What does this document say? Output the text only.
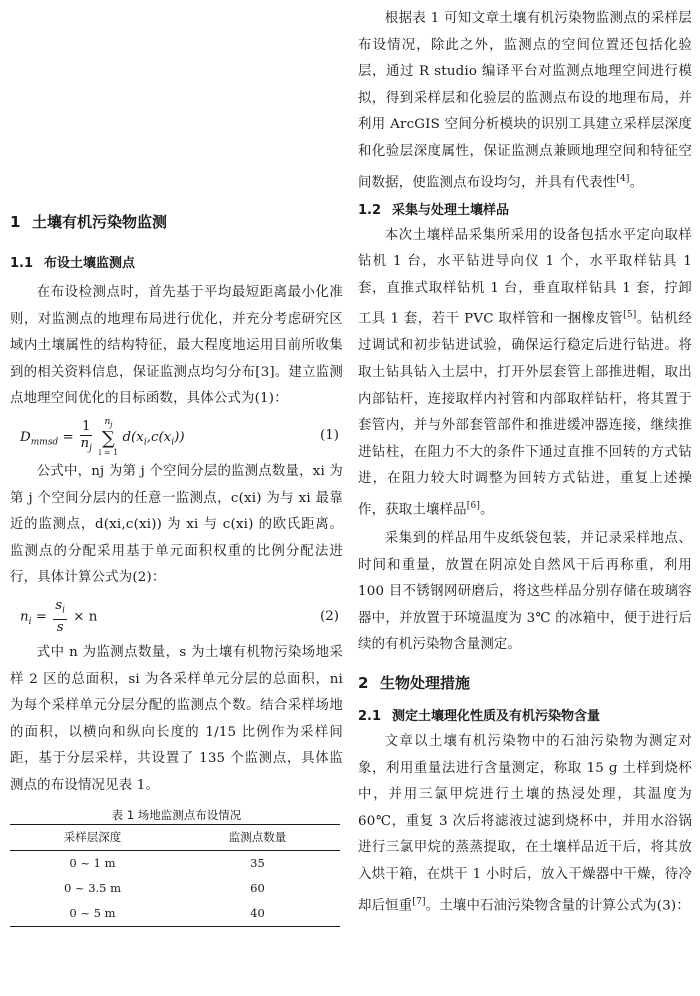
1 土壤有机污染物监测
1.1 布设土壤监测点

在布设检测点时，首先基于平均最短距离最小化准则，对监测点的地理布局进行优化，并充分考虑研究区域内土壤属性的结构特征，最大程度地运用目前所收集到的相关资料信息，保证监测点均匀分布[3]。建立监测点地理空间优化的目标函数，具体公式为(1)：

$D_{mmsd} = \frac{1}{n_j}$
	$n_j$
∑
i = 1
$d(x_i,c(x_i))$	(1)

公式中，nj 为第 j 个空间分层的监测点数量，xi 为第 j 个空间分层内的任意一监测点，c(xi) 为与 xi 最靠近的监测点，d(xi,c(xi)) 为 xi 与 c(xi) 的欧氏距离。监测点的分配采用基于单元面积权重的比例分配法进行，具体计算公式为(2)：

$n_i = \frac{s_i}{s} \times n$	(2)

式中 n 为监测点数量，s 为土壤有机物污染场地采样 2 区的总面积，si 为各采样单元分层的总面积，ni 为每个采样单元分层分配的监测点个数。结合采样场地的面积，以横向和纵向长度的 1/15 比例作为采样间距，基于分层采样，共设置了 135 个监测点，具体监测点的布设情况见表 1。

表 1 场地监测点布设情况
采样层深度	监测点数量
0 ~ 1 m	35
0 ~ 3.5 m	60
0 ~ 5 m	40

根据表 1 可知文章土壤有机污染物监测点的采样层布设情况，除此之外，监测点的空间位置还包括化验层，通过 R studio 编译平台对监测点地理空间进行模拟，得到采样层和化验层的监测点布设的地理布局，并利用 ArcGIS 空间分析模块的识别工具建立采样层深度和化验层深度属性，保证监测点兼顾地理空间和特征空间数据，使监测点布设均匀，并具有代表性[4]。

1.2 采集与处理土壤样品

本次土壤样品采集所采用的设备包括水平定向取样钻机 1 台，水平钻进导向仪 1 个，水平取样钻具 1 套，直推式取样钻机 1 台，垂直取样钻具 1 套，拧卸工具 1 套，若干 PVC 取样管和一捆橡皮管[5]。钻机经过调试和初步钻进试验，确保运行稳定后进行钻进。将取土钻具钻入土层中，打开外层套管上部推进帽，取出内部钻杆，连接取样内衬管和内部取样钻杆，将其置于套管内，并与外部套管部件和推进缓冲器连接，继续推进钻柱，在阻力不大的条件下通过直推不回转的方式钻进，在阻力较大时调整为回转方式钻进，重复上述操作，获取土壤样品[6]。

采集到的样品用牛皮纸袋包装，并记录采样地点、时间和重量，放置在阴凉处自然风干后再称重，利用 100 目不锈钢网研磨后，将这些样品分别存储在玻璃容器中，并放置于环境温度为 3℃ 的冰箱中，便于进行后续的有机污染物含量测定。

2 生物处理措施
2.1 测定土壤理化性质及有机污染物含量

文章以土壤有机污染物中的石油污染物为测定对象，利用重量法进行含量测定，称取 15 g 土样到烧杯中，并用三氯甲烷进行土壤的热浸处理，其温度为 60℃，重复 3 次后将滤液过滤到烧杯中，并用水浴锅进行三氯甲烷的蒸蒸提取，在土壤样品近干后，将其放入烘干箱，在烘干 1 小时后，放入干燥器中干燥，待冷却后恒重[7]。土壤中石油污染物含量的计算公式为(3)：
